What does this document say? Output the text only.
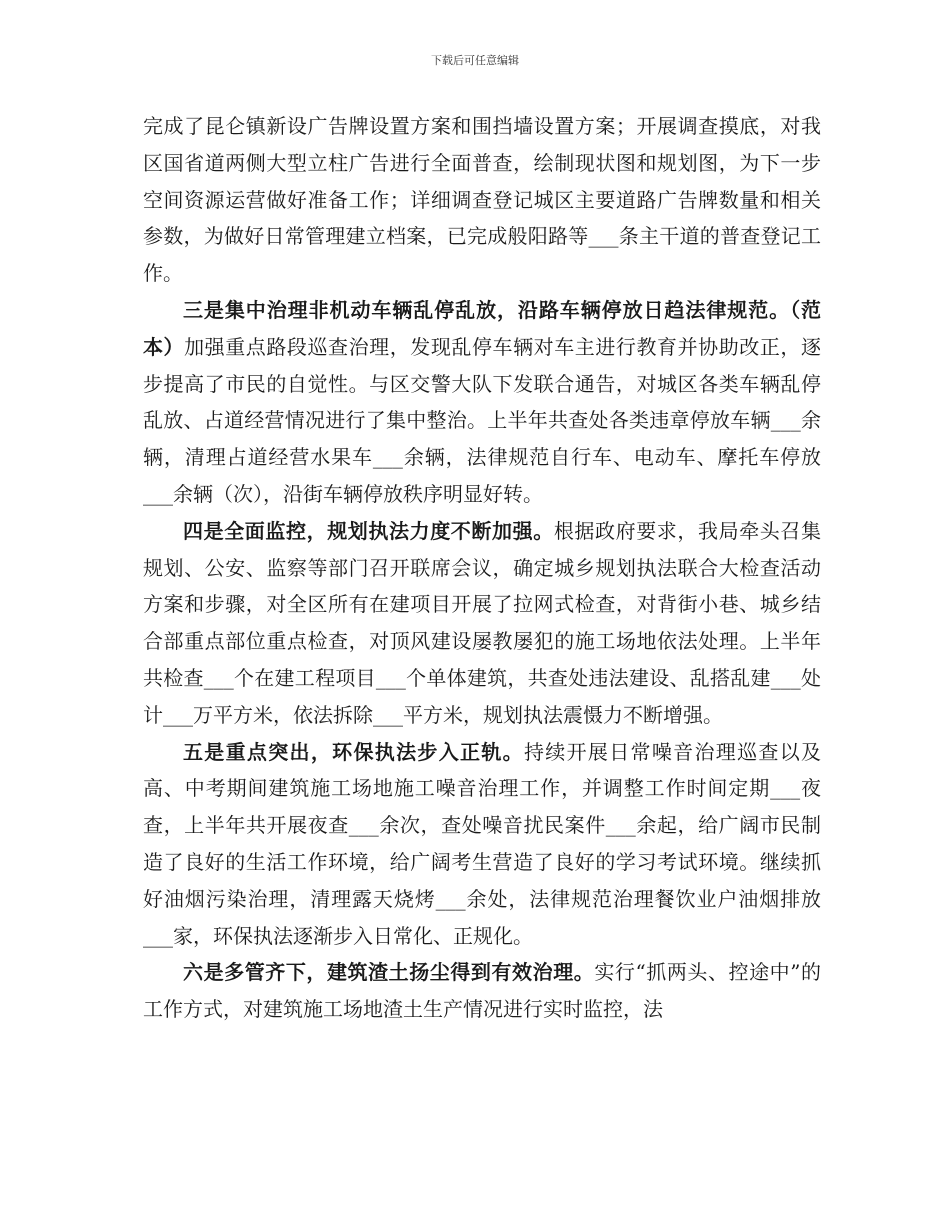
下载后可任意编辑

完成了昆仑镇新设广告牌设置方案和围挡墙设置方案；开展调查摸底，对我区国省道两侧大型立柱广告进行全面普查，绘制现状图和规划图，为下一步空间资源运营做好准备工作；详细调查登记城区主要道路广告牌数量和相关参数，为做好日常管理建立档案，已完成般阳路等___条主干道的普查登记工作。

三是集中治理非机动车辆乱停乱放，沿路车辆停放日趋法律规范。（范本）加强重点路段巡查治理，发现乱停车辆对车主进行教育并协助改正，逐步提高了市民的自觉性。与区交警大队下发联合通告，对城区各类车辆乱停乱放、占道经营情况进行了集中整治。上半年共查处各类违章停放车辆___余辆，清理占道经营水果车___余辆，法律规范自行车、电动车、摩托车停放___余辆（次），沿街车辆停放秩序明显好转。

四是全面监控，规划执法力度不断加强。根据政府要求，我局牵头召集规划、公安、监察等部门召开联席会议，确定城乡规划执法联合大检查活动方案和步骤，对全区所有在建项目开展了拉网式检查，对背街小巷、城乡结合部重点部位重点检查，对顶风建设屡教屡犯的施工场地依法处理。上半年共检查___个在建工程项目___个单体建筑，共查处违法建设、乱搭乱建___处计___万平方米，依法拆除___平方米，规划执法震慑力不断增强。

五是重点突出，环保执法步入正轨。持续开展日常噪音治理巡查以及高、中考期间建筑施工场地施工噪音治理工作，并调整工作时间定期___夜查，上半年共开展夜查___余次，查处噪音扰民案件___余起，给广阔市民制造了良好的生活工作环境，给广阔考生营造了良好的学习考试环境。继续抓好油烟污染治理，清理露天烧烤___余处，法律规范治理餐饮业户油烟排放___家，环保执法逐渐步入日常化、正规化。

六是多管齐下，建筑渣土扬尘得到有效治理。实行“抓两头、控途中”的工作方式，对建筑施工场地渣土生产情况进行实时监控，法
